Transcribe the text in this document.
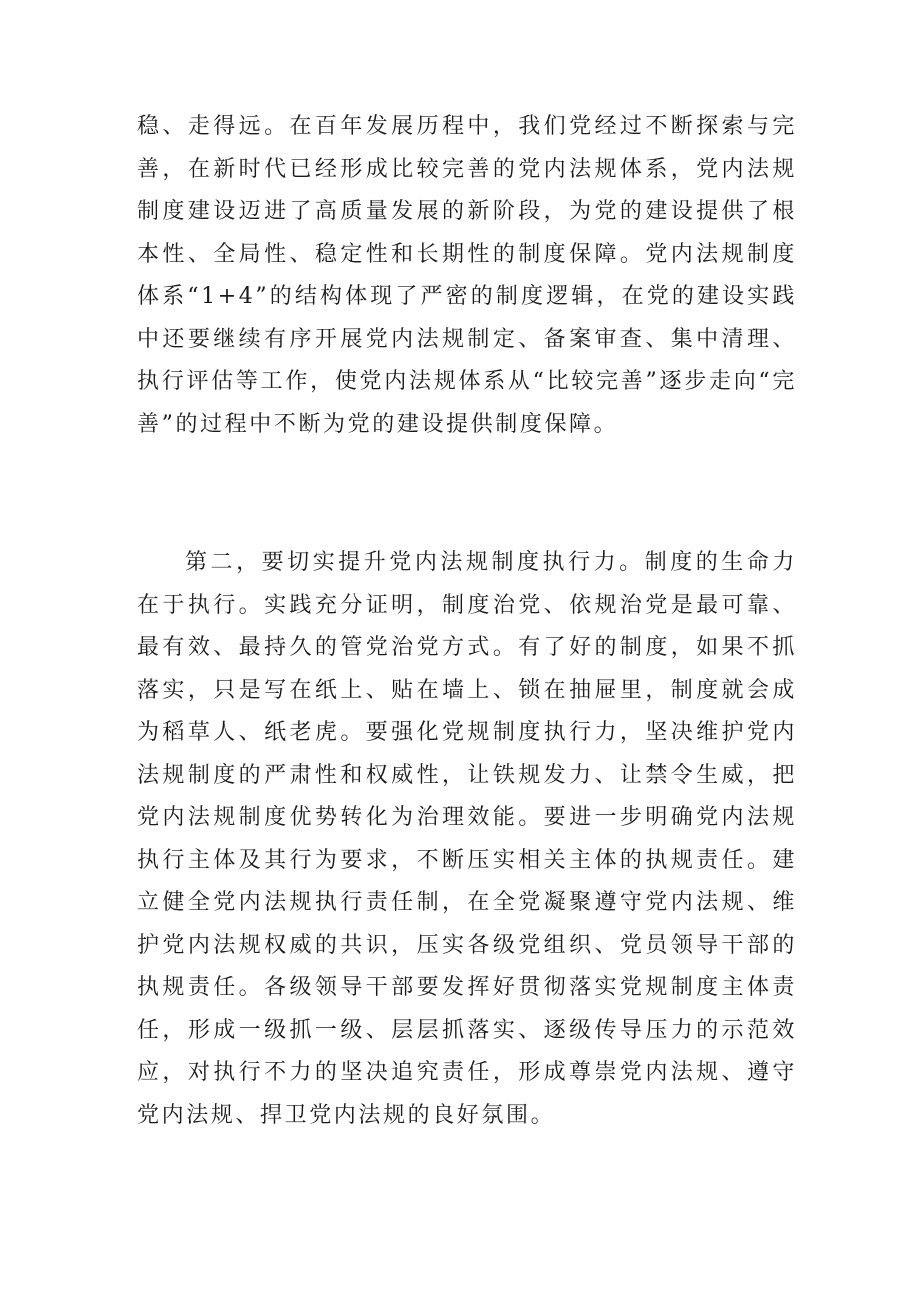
稳、走得远。在百年发展历程中，我们党经过不断探索与完善，在新时代已经形成比较完善的党内法规体系，党内法规制度建设迈进了高质量发展的新阶段，为党的建设提供了根本性、全局性、稳定性和长期性的制度保障。党内法规制度体系“1+4”的结构体现了严密的制度逻辑，在党的建设实践中还要继续有序开展党内法规制定、备案审查、集中清理、执行评估等工作，使党内法规体系从“比较完善”逐步走向“完善”的过程中不断为党的建设提供制度保障。

第二，要切实提升党内法规制度执行力。制度的生命力在于执行。实践充分证明，制度治党、依规治党是最可靠、最有效、最持久的管党治党方式。有了好的制度，如果不抓落实，只是写在纸上、贴在墙上、锁在抽屉里，制度就会成为稻草人、纸老虎。要强化党规制度执行力，坚决维护党内法规制度的严肃性和权威性，让铁规发力、让禁令生威，把党内法规制度优势转化为治理效能。要进一步明确党内法规执行主体及其行为要求，不断压实相关主体的执规责任。建立健全党内法规执行责任制，在全党凝聚遵守党内法规、维护党内法规权威的共识，压实各级党组织、党员领导干部的执规责任。各级领导干部要发挥好贯彻落实党规制度主体责任，形成一级抓一级、层层抓落实、逐级传导压力的示范效应，对执行不力的坚决追究责任，形成尊崇党内法规、遵守党内法规、捍卫党内法规的良好氛围。
